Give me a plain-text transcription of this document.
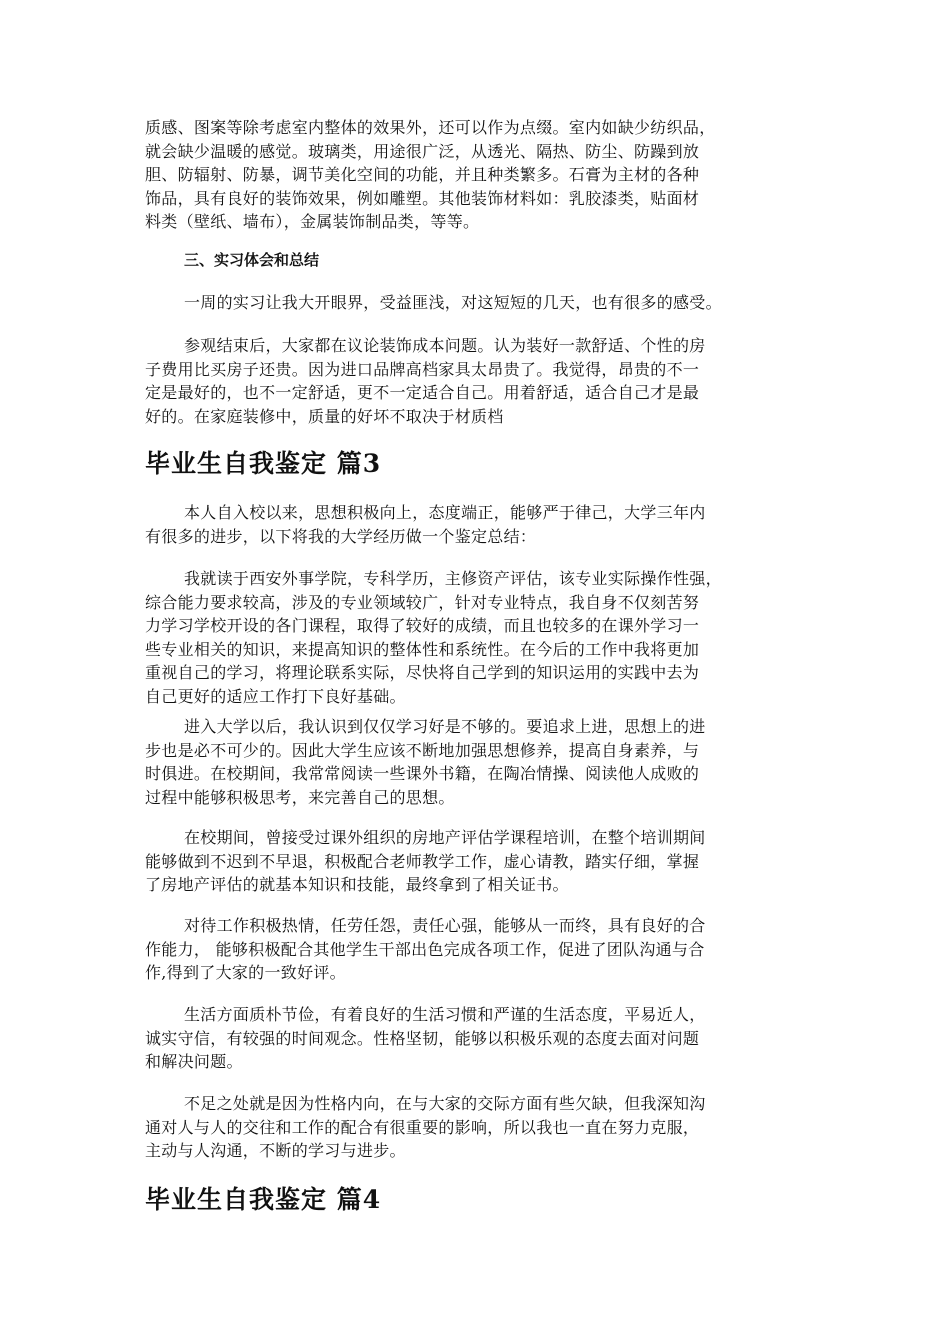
质感、图案等除考虑室内整体的效果外，还可以作为点缀。室内如缺少纺织品，
就会缺少温暖的感觉。玻璃类，用途很广泛，从透光、隔热、防尘、防躁到放
胆、防辐射、防暴，调节美化空间的功能，并且种类繁多。石膏为主材的各种
饰品，具有良好的装饰效果，例如雕塑。其他装饰材料如：乳胶漆类，贴面材
料类（壁纸、墙布），金属装饰制品类，等等。
三、实习体会和总结
一周的实习让我大开眼界，受益匪浅，对这短短的几天，也有很多的感受。
参观结束后，大家都在议论装饰成本问题。认为装好一款舒适、个性的房
子费用比买房子还贵。因为进口品牌高档家具太昂贵了。我觉得，昂贵的不一
定是最好的，也不一定舒适，更不一定适合自己。用着舒适，适合自己才是最
好的。在家庭装修中，质量的好坏不取决于材质档
毕业生自我鉴定 篇3
本人自入校以来，思想积极向上，态度端正，能够严于律己，大学三年内
有很多的进步，以下将我的大学经历做一个鉴定总结：
我就读于西安外事学院，专科学历，主修资产评估，该专业实际操作性强，
综合能力要求较高，涉及的专业领域较广，针对专业特点，我自身不仅刻苦努
力学习学校开设的各门课程，取得了较好的成绩，而且也较多的在课外学习一
些专业相关的知识，来提高知识的整体性和系统性。在今后的工作中我将更加
重视自己的学习，将理论联系实际，尽快将自己学到的知识运用的实践中去为
自己更好的适应工作打下良好基础。
进入大学以后，我认识到仅仅学习好是不够的。要追求上进，思想上的进
步也是必不可少的。因此大学生应该不断地加强思想修养，提高自身素养，与
时俱进。在校期间，我常常阅读一些课外书籍，在陶冶情操、阅读他人成败的
过程中能够积极思考，来完善自己的思想。
在校期间，曾接受过课外组织的房地产评估学课程培训，在整个培训期间
能够做到不迟到不早退，积极配合老师教学工作，虚心请教，踏实仔细，掌握
了房地产评估的就基本知识和技能，最终拿到了相关证书。
对待工作积极热情，任劳任怨，责任心强，能够从一而终，具有良好的合
作能力， 能够积极配合其他学生干部出色完成各项工作，促进了团队沟通与合
作,得到了大家的一致好评。
生活方面质朴节俭，有着良好的生活习惯和严谨的生活态度，平易近人，
诚实守信，有较强的时间观念。性格坚韧，能够以积极乐观的态度去面对问题
和解决问题。
不足之处就是因为性格内向，在与大家的交际方面有些欠缺，但我深知沟
通对人与人的交往和工作的配合有很重要的影响，所以我也一直在努力克服，
主动与人沟通，不断的学习与进步。
毕业生自我鉴定 篇4
